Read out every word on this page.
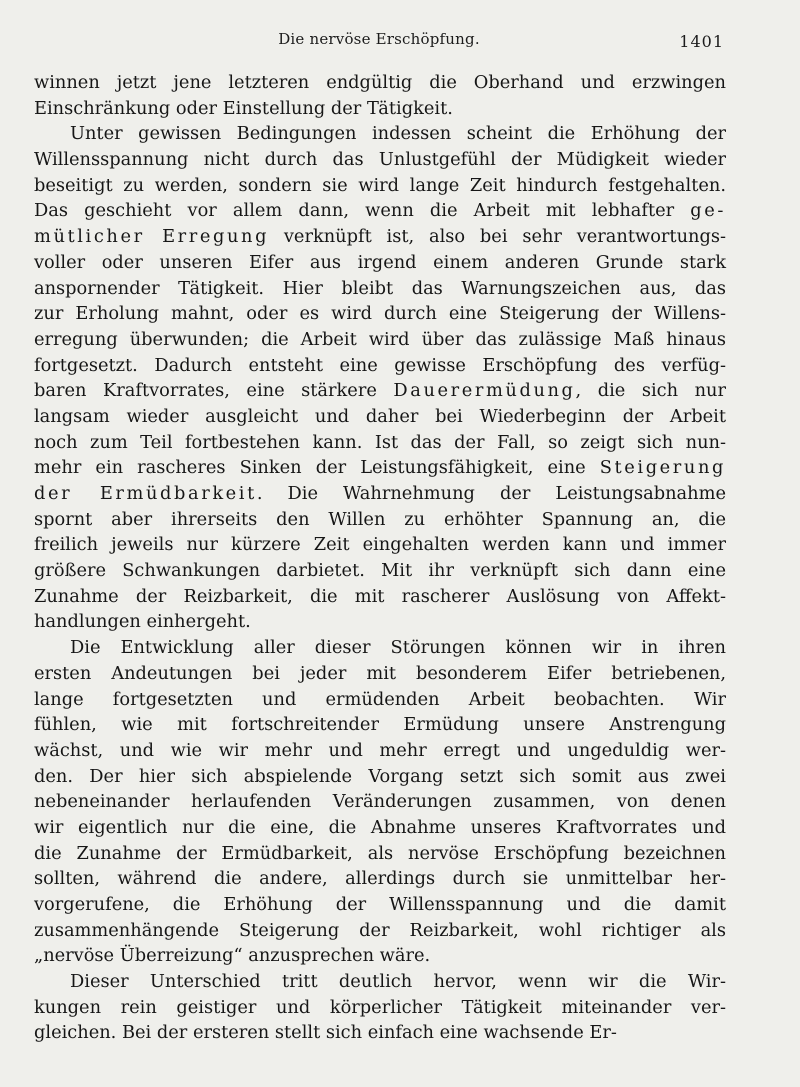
Die nervöse Erschöpfung.	1401
winnen jetzt jene letzteren endgültig die Oberhand und erzwingen
Einschränkung oder Einstellung der Tätigkeit.
Unter gewissen Bedingungen indessen scheint die Erhöhung der
Willensspannung nicht durch das Unlustgefühl der Müdigkeit wieder
beseitigt zu werden, sondern sie wird lange Zeit hindurch festgehalten.
Das geschieht vor allem dann, wenn die Arbeit mit lebhafter ge-
mütlicher Erregung verknüpft ist, also bei sehr verantwortungs-
voller oder unseren Eifer aus irgend einem anderen Grunde stark
anspornender Tätigkeit. Hier bleibt das Warnungszeichen aus, das
zur Erholung mahnt, oder es wird durch eine Steigerung der Willens-
erregung überwunden; die Arbeit wird über das zulässige Maß hinaus
fortgesetzt. Dadurch entsteht eine gewisse Erschöpfung des verfüg-
baren Kraftvorrates, eine stärkere Dauerermüdung, die sich nur
langsam wieder ausgleicht und daher bei Wiederbeginn der Arbeit
noch zum Teil fortbestehen kann. Ist das der Fall, so zeigt sich nun-
mehr ein rascheres Sinken der Leistungsfähigkeit, eine Steigerung
der Ermüdbarkeit. Die Wahrnehmung der Leistungsabnahme
spornt aber ihrerseits den Willen zu erhöhter Spannung an, die
freilich jeweils nur kürzere Zeit eingehalten werden kann und immer
größere Schwankungen darbietet. Mit ihr verknüpft sich dann eine
Zunahme der Reizbarkeit, die mit rascherer Auslösung von Affekt-
handlungen einhergeht.
Die Entwicklung aller dieser Störungen können wir in ihren
ersten Andeutungen bei jeder mit besonderem Eifer betriebenen,
lange fortgesetzten und ermüdenden Arbeit beobachten. Wir
fühlen, wie mit fortschreitender Ermüdung unsere Anstrengung
wächst, und wie wir mehr und mehr erregt und ungeduldig wer-
den. Der hier sich abspielende Vorgang setzt sich somit aus zwei
nebeneinander herlaufenden Veränderungen zusammen, von denen
wir eigentlich nur die eine, die Abnahme unseres Kraftvorrates und
die Zunahme der Ermüdbarkeit, als nervöse Erschöpfung bezeichnen
sollten, während die andere, allerdings durch sie unmittelbar her-
vorgerufene, die Erhöhung der Willensspannung und die damit
zusammenhängende Steigerung der Reizbarkeit, wohl richtiger als
„nervöse Überreizung“ anzusprechen wäre.
Dieser Unterschied tritt deutlich hervor, wenn wir die Wir-
kungen rein geistiger und körperlicher Tätigkeit miteinander ver-
gleichen. Bei der ersteren stellt sich einfach eine wachsende Er-
